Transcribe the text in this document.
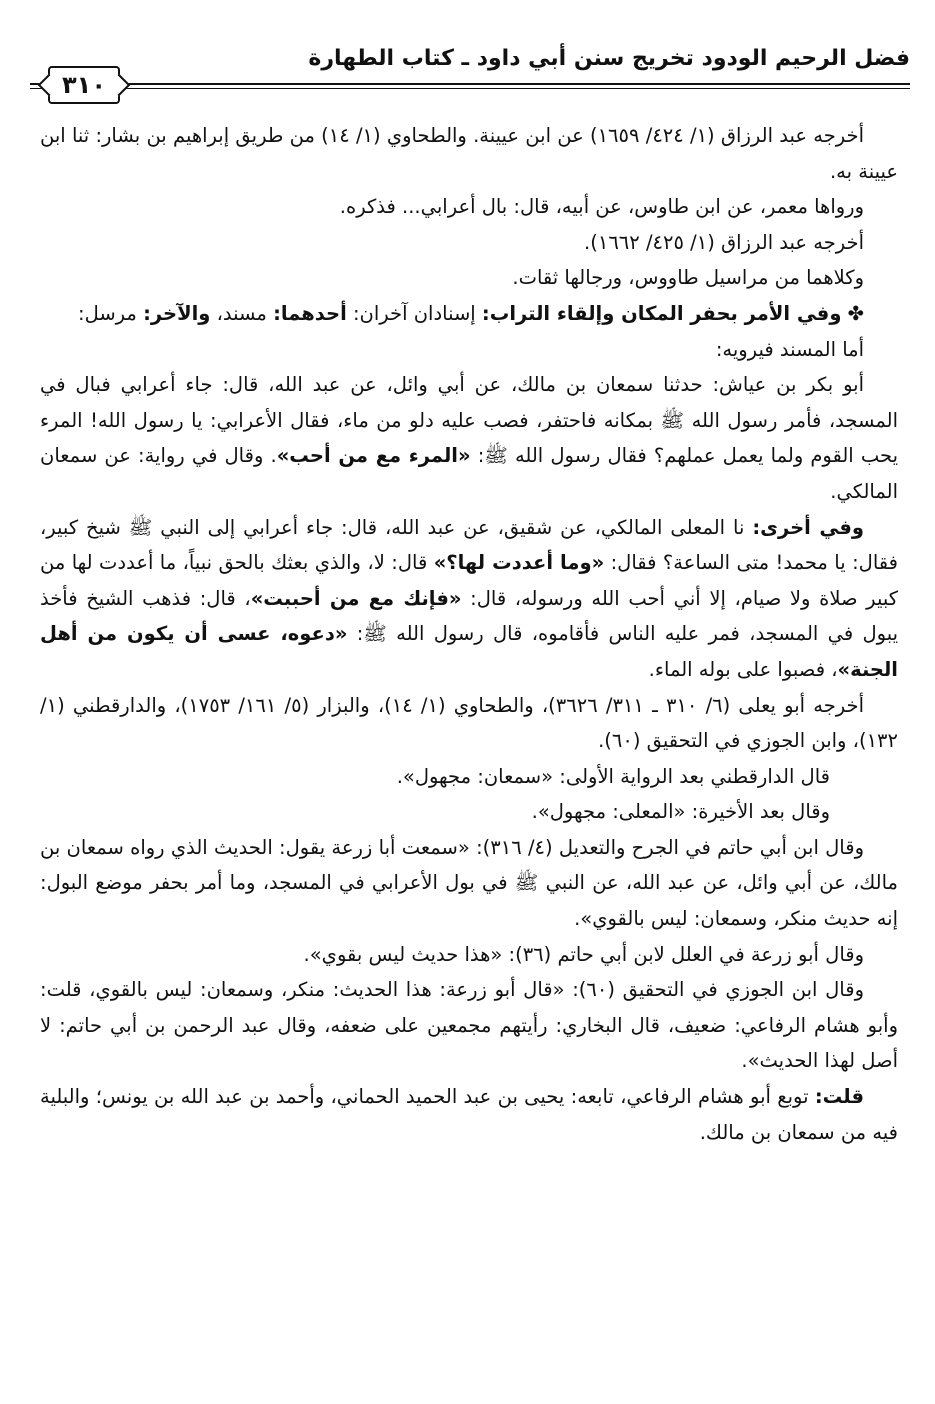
فضل الرحيم الودود تخريج سنن أبي داود ـ كتاب الطهارة
٣١٠

أخرجه عبد الرزاق (١/ ٤٢٤/ ١٦٥٩) عن ابن عيينة. والطحاوي (١/ ١٤) من طريق إبراهيم بن بشار: ثنا ابن عيينة به.

ورواها معمر، عن ابن طاوس، عن أبيه، قال: بال أعرابي... فذكره.

أخرجه عبد الرزاق (١/ ٤٢٥/ ١٦٦٢).

وكلاهما من مراسيل طاووس، ورجالها ثقات.

✤ وفي الأمر بحفر المكان وإلقاء التراب: إسنادان آخران: أحدهما: مسند، والآخر: مرسل:

أما المسند فيرويه:

أبو بكر بن عياش: حدثنا سمعان بن مالك، عن أبي وائل، عن عبد الله، قال: جاء أعرابي فبال في المسجد، فأمر رسول الله ﷺ بمكانه فاحتفر، فصب عليه دلو من ماء، فقال الأعرابي: يا رسول الله! المرء يحب القوم ولما يعمل عملهم؟ فقال رسول الله ﷺ: «المرء مع من أحب». وقال في رواية: عن سمعان المالكي.

وفي أخرى: نا المعلى المالكي، عن شقيق، عن عبد الله، قال: جاء أعرابي إلى النبي ﷺ شيخ كبير، فقال: يا محمد! متى الساعة؟ فقال: «وما أعددت لها؟» قال: لا، والذي بعثك بالحق نبياً، ما أعددت لها من كبير صلاة ولا صيام، إلا أني أحب الله ورسوله، قال: «فإنك مع من أحببت»، قال: فذهب الشيخ فأخذ يبول في المسجد، فمر عليه الناس فأقاموه، قال رسول الله ﷺ: «دعوه، عسى أن يكون من أهل الجنة»، فصبوا على بوله الماء.

أخرجه أبو يعلى (٦/ ٣١٠ ـ ٣١١/ ٣٦٢٦)، والطحاوي (١/ ١٤)، والبزار (٥/ ١٦١/ ١٧٥٣)، والدارقطني (١/ ١٣٢)، وابن الجوزي في التحقيق (٦٠).

قال الدارقطني بعد الرواية الأولى: «سمعان: مجهول».

وقال بعد الأخيرة: «المعلى: مجهول».

وقال ابن أبي حاتم في الجرح والتعديل (٤/ ٣١٦): «سمعت أبا زرعة يقول: الحديث الذي رواه سمعان بن مالك، عن أبي وائل، عن عبد الله، عن النبي ﷺ في بول الأعرابي في المسجد، وما أمر بحفر موضع البول: إنه حديث منكر، وسمعان: ليس بالقوي».

وقال أبو زرعة في العلل لابن أبي حاتم (٣٦): «هذا حديث ليس بقوي».

وقال ابن الجوزي في التحقيق (٦٠): «قال أبو زرعة: هذا الحديث: منكر، وسمعان: ليس بالقوي، قلت: وأبو هشام الرفاعي: ضعيف، قال البخاري: رأيتهم مجمعين على ضعفه، وقال عبد الرحمن بن أبي حاتم: لا أصل لهذا الحديث».

قلت: توبع أبو هشام الرفاعي، تابعه: يحيى بن عبد الحميد الحماني، وأحمد بن عبد الله بن يونس؛ والبلية فيه من سمعان بن مالك.
